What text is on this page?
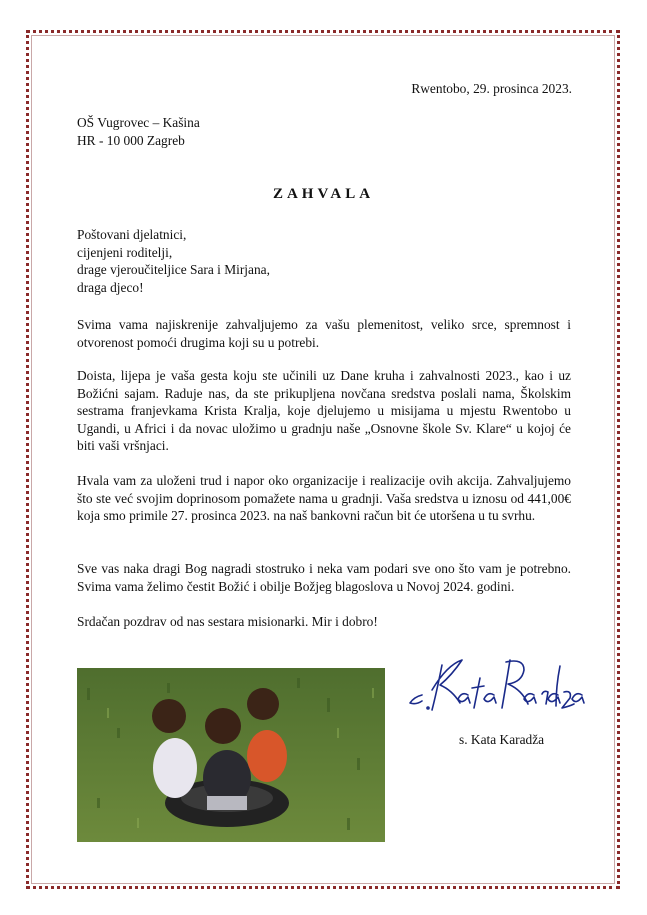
Rwentobo, 29. prosinca 2023.
OŠ Vugrovec – Kašina
HR - 10 000 Zagreb
ZAHVALA
Poštovani djelatnici,
cijenjeni roditelji,
drage vjeroučiteljice Sara i Mirjana,
draga djeco!
Svima vama najiskrenije zahvaljujemo za vašu plemenitost, veliko srce, spremnost i otvorenost pomoći drugima koji su u potrebi.
Doista, lijepa je vaša gesta koju ste učinili uz Dane kruha i zahvalnosti 2023., kao i uz Božićni sajam. Raduje nas, da ste prikupljena novčana sredstva poslali nama, Školskim sestrama franjevkama Krista Kralja, koje djelujemo u misijama u mjestu Rwentobo u Ugandi, u Africi i da novac uložimo u gradnju naše „Osnovne škole Sv. Klare“ u kojoj će biti vaši vršnjaci.
Hvala vam za uloženi trud i napor oko organizacije i realizacije ovih akcija. Zahvaljujemo što ste već svojim doprinosom pomažete nama u gradnji. Vaša sredstva u iznosu od 441,00€ koja smo primile 27. prosinca 2023. na naš bankovni račun bit će utoršena u tu svrhu.
Sve vas naka dragi Bog nagradi stostruko i neka vam podari sve ono što vam je potrebno. Svima vama želimo čestit Božić i obilje Božjeg blagoslova u Novoj 2024. godini.
Srdačan pozdrav od nas sestara misionarki. Mir i dobro!
s. Kata Karadža
